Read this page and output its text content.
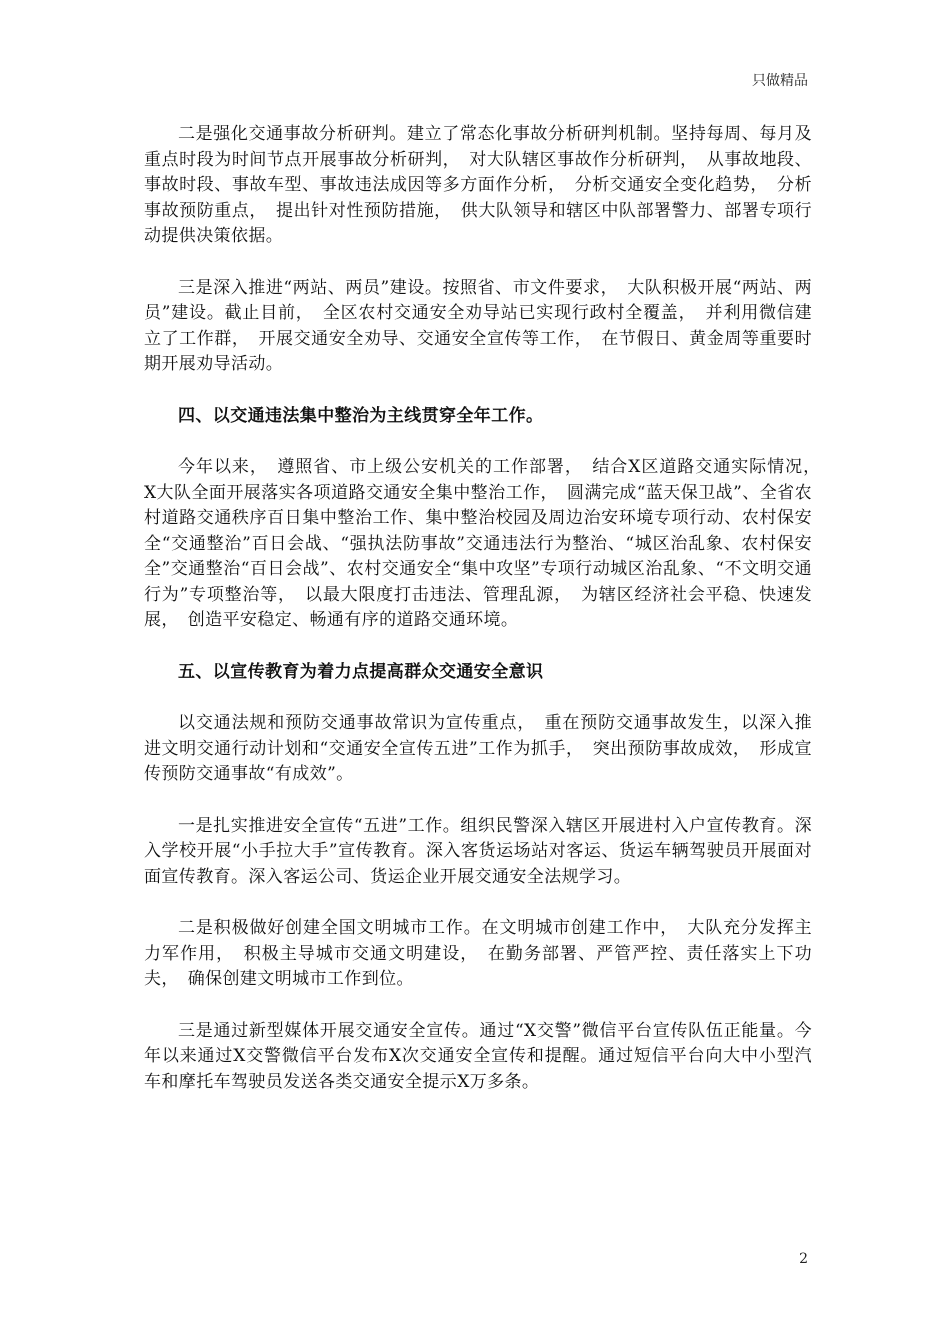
只做精品

二是强化交通事故分析研判。建立了常态化事故分析研判机制。坚持每周、每月及重点时段为时间节点开展事故分析研判，　对大队辖区事故作分析研判，　从事故地段、事故时段、事故车型、事故违法成因等多方面作分析，　分析交通安全变化趋势，　分析事故预防重点，　提出针对性预防措施，　供大队领导和辖区中队部署警力、部署专项行动提供决策依据。

三是深入推进“两站、两员”建设。按照省、市文件要求，　大队积极开展“两站、两员”建设。截止目前，　全区农村交通安全劝导站已实现行政村全覆盖，　并利用微信建立了工作群，　开展交通安全劝导、交通安全宣传等工作，　在节假日、黄金周等重要时期开展劝导活动。

四、以交通违法集中整治为主线贯穿全年工作。

今年以来，　遵照省、市上级公安机关的工作部署，　结合X区道路交通实际情况，　X大队全面开展落实各项道路交通安全集中整治工作，　圆满完成“蓝天保卫战”、全省农村道路交通秩序百日集中整治工作、集中整治校园及周边治安环境专项行动、农村保安全“交通整治”百日会战、“强执法防事故”交通违法行为整治、“城区治乱象、农村保安全”交通整治“百日会战”、农村交通安全“集中攻坚”专项行动城区治乱象、“不文明交通行为”专项整治等，　以最大限度打击违法、管理乱源，　为辖区经济社会平稳、快速发展，　创造平安稳定、畅通有序的道路交通环境。

五、以宣传教育为着力点提高群众交通安全意识

以交通法规和预防交通事故常识为宣传重点，　重在预防交通事故发生，以深入推进文明交通行动计划和“交通安全宣传五进”工作为抓手，　突出预防事故成效，　形成宣传预防交通事故“有成效”。

一是扎实推进安全宣传“五进”工作。组织民警深入辖区开展进村入户宣传教育。深入学校开展“小手拉大手”宣传教育。深入客货运场站对客运、货运车辆驾驶员开展面对面宣传教育。深入客运公司、货运企业开展交通安全法规学习。

二是积极做好创建全国文明城市工作。在文明城市创建工作中，　大队充分发挥主力军作用，　积极主导城市交通文明建设，　在勤务部署、严管严控、责任落实上下功夫，　确保创建文明城市工作到位。

三是通过新型媒体开展交通安全宣传。通过“X交警”微信平台宣传队伍正能量。今年以来通过X交警微信平台发布X次交通安全宣传和提醒。通过短信平台向大中小型汽车和摩托车驾驶员发送各类交通安全提示X万多条。

2
